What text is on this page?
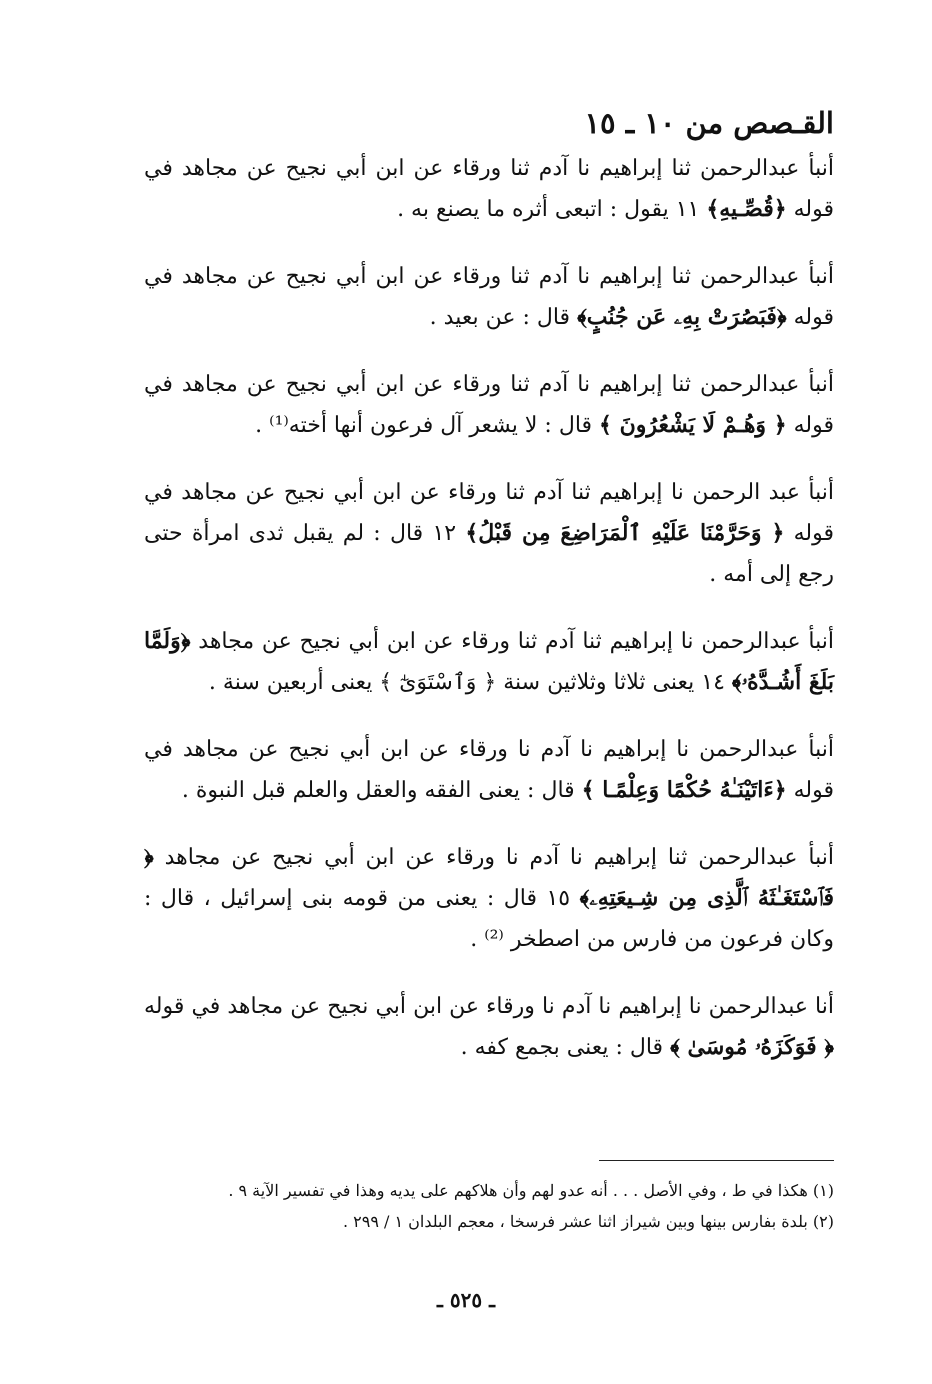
القـصص من ١٠ ـ ١٥

أنبأ عبدالرحمن ثنا إبراهيم نا آدم ثنا ورقاء عن ابن أبي نجيح عن مجاهد في قوله ﴿قُصِّـيهِ﴾ ١١ يقول : اتبعى أثره ما يصنع به .

أنبأ عبدالرحمن ثنا إبراهيم نا آدم ثنا ورقاء عن ابن أبي نجيح عن مجاهد في قوله ﴿فَبَصُرَتْ بِهِۦ عَن جُنُبٍ﴾ قال : عن بعيد .

أنبأ عبدالرحمن ثنا إبراهيم نا آدم ثنا ورقاء عن ابن أبي نجيح عن مجاهد في قوله ﴿ وَهُـمْ لَا يَشْعُرُونَ ﴾ قال : لا يشعر آل فرعون أنها أخته⁽¹⁾ .

أنبأ عبد الرحمن نا إبراهيم ثنا آدم ثنا ورقاء عن ابن أبي نجيح عن مجاهد في قوله ﴿ وَحَرَّمْنَا عَلَيْهِ ٱلْمَرَاضِعَ مِن قَبْلُ﴾ ١٢ قال : لم يقبل ثدى امرأة حتى رجع إلى أمه .

أنبأ عبدالرحمن نا إبراهيم ثنا آدم ثنا ورقاء عن ابن أبي نجيح عن مجاهد ﴿وَلَمَّا بَلَغَ أَشُـدَّهُۥ﴾ ١٤ يعنى ثلاثا وثلاثين سنة ﴿ وَٱسْتَوَىٰٓ ﴾ يعنى أربعين سنة .

أنبأ عبدالرحمن نا إبراهيم نا آدم نا ورقاء عن ابن أبي نجيح عن مجاهد في قوله ﴿ءَاتَيْنَـٰهُ حُكْمًا وَعِلْمًـا ﴾ قال : يعنى الفقه والعقل والعلم قبل النبوة .

أنبأ عبدالرحمن ثنا إبراهيم نا آدم نا ورقاء عن ابن أبي نجيح عن مجاهد ﴿ فَٱسْتَغَـٰثَهُ ٱلَّذِى مِن شِـيعَتِهِۦ﴾ ١٥ قال : يعنى من قومه بنى إسرائيل ، قال : وكان فرعون من فارس من اصطخر ⁽²⁾ .

أنا عبدالرحمن نا إبراهيم نا آدم نا ورقاء عن ابن أبي نجيح عن مجاهد في قوله ﴿ فَوَكَزَهُۥ مُوسَىٰ ﴾ قال : يعنى بجمع كفه .

(١) هكذا في ط ، وفي الأصل . . . أنه عدو لهم وأن هلاكهم على يديه وهذا في تفسير الآية ٩ .

(٢) بلدة بفارس بينها وبين شيراز اثنا عشر فرسخا ، معجم البلدان ١ / ٢٩٩ .

ـ ٥٢٥ ـ
